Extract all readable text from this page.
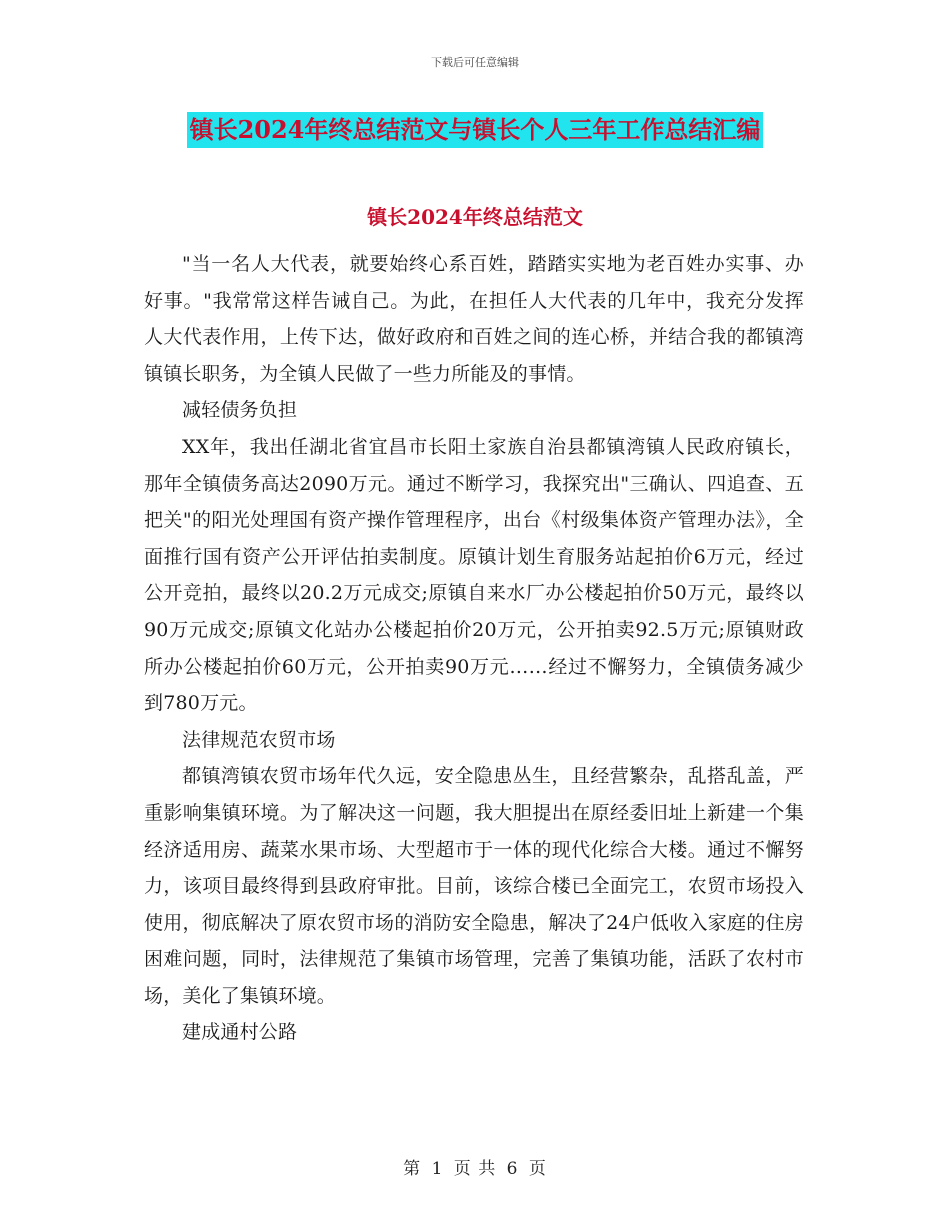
下载后可任意编辑
镇长2024年终总结范文与镇长个人三年工作总结汇编
镇长2024年终总结范文

"当一名人大代表，就要始终心系百姓，踏踏实实地为老百姓办实事、办好事。"我常常这样告诫自己。为此，在担任人大代表的几年中，我充分发挥人大代表作用，上传下达，做好政府和百姓之间的连心桥，并结合我的都镇湾镇镇长职务，为全镇人民做了一些力所能及的事情。

减轻债务负担

XX年，我出任湖北省宜昌市长阳土家族自治县都镇湾镇人民政府镇长，那年全镇债务高达2090万元。通过不断学习，我探究出"三确认、四追查、五把关"的阳光处理国有资产操作管理程序，出台《村级集体资产管理办法》，全面推行国有资产公开评估拍卖制度。原镇计划生育服务站起拍价6万元，经过公开竞拍，最终以20.2万元成交;原镇自来水厂办公楼起拍价50万元，最终以90万元成交;原镇文化站办公楼起拍价20万元，公开拍卖92.5万元;原镇财政所办公楼起拍价60万元，公开拍卖90万元……经过不懈努力，全镇债务减少到780万元。

法律规范农贸市场

都镇湾镇农贸市场年代久远，安全隐患丛生，且经营繁杂，乱搭乱盖，严重影响集镇环境。为了解决这一问题，我大胆提出在原经委旧址上新建一个集经济适用房、蔬菜水果市场、大型超市于一体的现代化综合大楼。通过不懈努力，该项目最终得到县政府审批。目前，该综合楼已全面完工，农贸市场投入使用，彻底解决了原农贸市场的消防安全隐患，解决了24户低收入家庭的住房困难问题，同时，法律规范了集镇市场管理，完善了集镇功能，活跃了农村市场，美化了集镇环境。

建成通村公路

第 1 页 共 6 页
